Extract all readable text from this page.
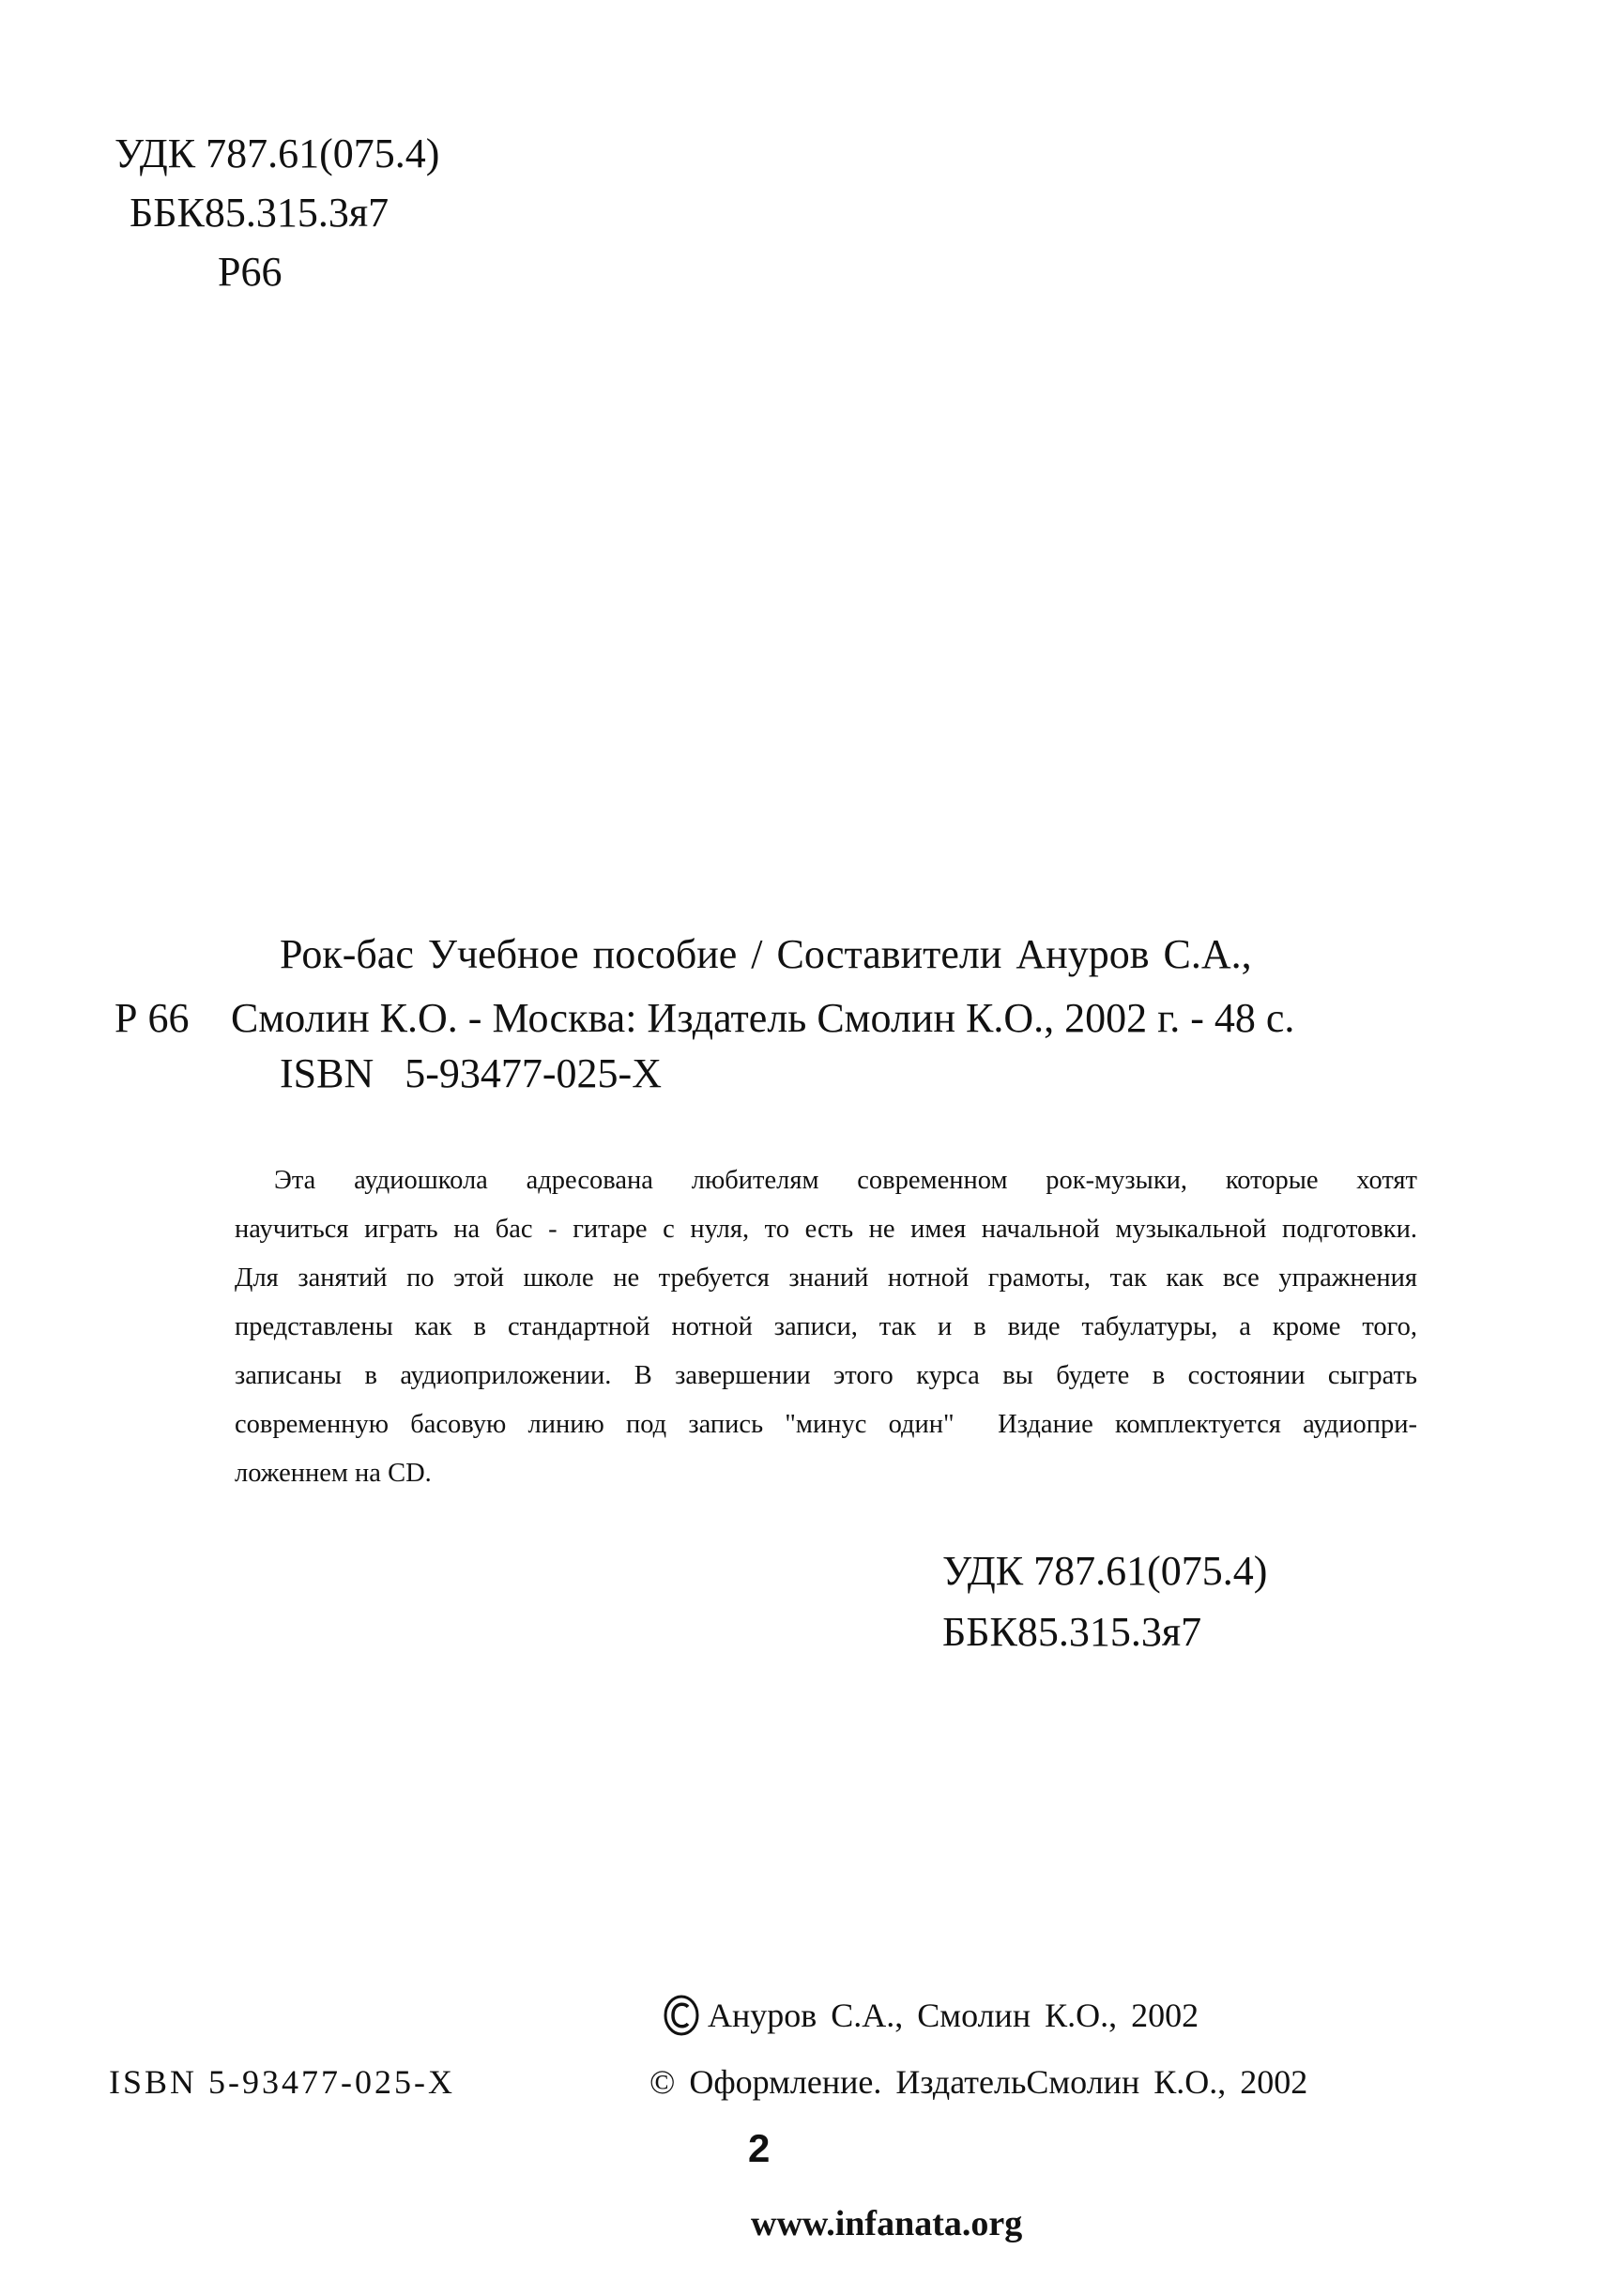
УДК 787.61(075.4)
ББК85.315.3я7
Р66
Рок-бас Учебное пособие / Составители Ануров С.А.,
Р 66 Смолин К.О. - Москва: Издатель Смолин К.О., 2002 г. - 48 с.
ISBN   5-93477-025-X
Эта аудиошкола адресована любителям современном рок-музыки, которые хотят
научиться играть на бас - гитаре с нуля, то есть не имея начальной музыкальной подготовки.
Для занятий по этой школе не требуется знаний нотной грамоты, так как все упражнения
представлены как в стандартной нотной записи, так и в виде табулатуры, а кроме того,
записаны в аудиоприложении. В завершении этого курса вы будете в состоянии сыграть
современную басовую линию под запись "минус один"  Издание комплектуется аудиопри-
ложеннем на CD.
УДК 787.61(075.4)
ББК85.315.3я7
Ануров С.А., Смолин К.О., 2002
ISBN 5-93477-025-X	© Оформление. ИздательСмолин К.О., 2002
2
www.infanata.org
